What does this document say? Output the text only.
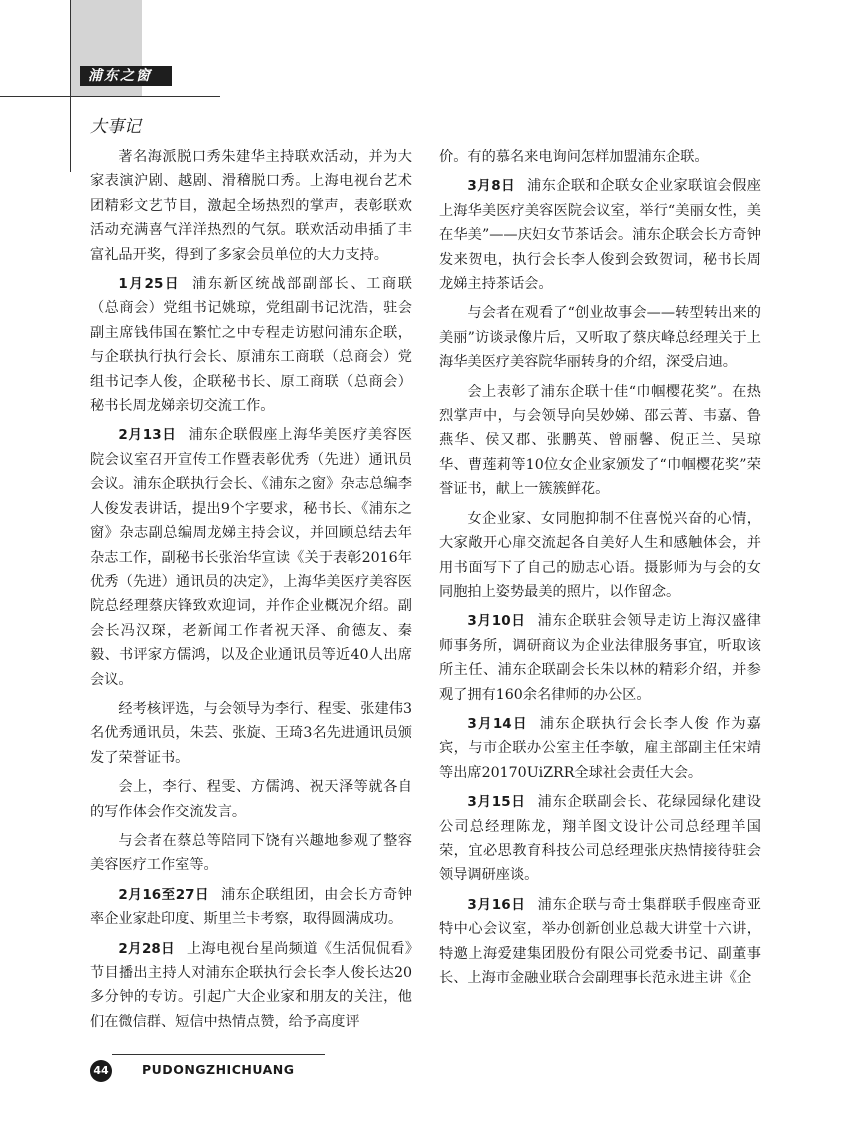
浦东之窗
大事记

著名海派脱口秀朱建华主持联欢活动，并为大家表演沪剧、越剧、滑稽脱口秀。上海电视台艺术团精彩文艺节目，激起全场热烈的掌声，表彰联欢活动充满喜气洋洋热烈的气氛。联欢活动串插了丰富礼品开奖，得到了多家会员单位的大力支持。

1月25日 浦东新区统战部副部长、工商联（总商会）党组书记姚琼，党组副书记沈浩，驻会副主席钱伟国在繁忙之中专程走访慰问浦东企联，与企联执行执行会长、原浦东工商联（总商会）党组书记李人俊，企联秘书长、原工商联（总商会）秘书长周龙娣亲切交流工作。

2月13日 浦东企联假座上海华美医疗美容医院会议室召开宣传工作暨表彰优秀（先进）通讯员会议。浦东企联执行会长、《浦东之窗》杂志总编李人俊发表讲话，提出9个字要求，秘书长、《浦东之窗》杂志副总编周龙娣主持会议，并回顾总结去年杂志工作，副秘书长张治华宣读《关于表彰2016年优秀（先进）通讯员的决定》，上海华美医疗美容医院总经理蔡庆锋致欢迎词，并作企业概况介绍。副会长冯汉琛，老新闻工作者祝天泽、俞德友、秦毅、书评家方儒鸿，以及企业通讯员等近40人出席会议。

经考核评选，与会领导为李行、程雯、张建伟3名优秀通讯员，朱芸、张旋、王琦3名先进通讯员颁发了荣誉证书。

会上，李行、程雯、方儒鸿、祝天泽等就各自的写作体会作交流发言。

与会者在蔡总等陪同下饶有兴趣地参观了整容美容医疗工作室等。

2月16至27日 浦东企联组团，由会长方奇钟率企业家赴印度、斯里兰卡考察，取得圆满成功。

2月28日 上海电视台星尚频道《生活侃侃看》节目播出主持人对浦东企联执行会长李人俊长达20多分钟的专访。引起广大企业家和朋友的关注，他们在微信群、短信中热情点赞，给予高度评

价。有的慕名来电询问怎样加盟浦东企联。

3月8日 浦东企联和企联女企业家联谊会假座上海华美医疗美容医院会议室，举行“美丽女性，美在华美”——庆妇女节茶话会。浦东企联会长方奇钟发来贺电，执行会长李人俊到会致贺词，秘书长周龙娣主持茶话会。

与会者在观看了“创业故事会——转型转出来的美丽”访谈录像片后，又听取了蔡庆峰总经理关于上海华美医疗美容院华丽转身的介绍，深受启迪。

会上表彰了浦东企联十佳“巾帼樱花奖”。在热烈掌声中，与会领导向吴妙娣、邵云菁、韦嘉、鲁燕华、侯又郡、张鹏英、曾丽馨、倪正兰、吴琼华、曹莲莉等10位女企业家颁发了“巾帼樱花奖”荣誉证书，献上一簇簇鲜花。

女企业家、女同胞抑制不住喜悦兴奋的心情，大家敞开心扉交流起各自美好人生和感触体会，并用书面写下了自己的励志心语。摄影师为与会的女同胞拍上姿势最美的照片，以作留念。

3月10日 浦东企联驻会领导走访上海汉盛律师事务所，调研商议为企业法律服务事宜，听取该所主任、浦东企联副会长朱以林的精彩介绍，并参观了拥有160余名律师的办公区。

3月14日 浦东企联执行会长李人俊 作为嘉宾，与市企联办公室主任李敏，雇主部副主任宋靖等出席20170UiZRR全球社会责任大会。

3月15日 浦东企联副会长、花绿园绿化建设公司总经理陈龙，翔羊图文设计公司总经理羊国荣，宜必思教育科技公司总经理张庆热情接待驻会领导调研座谈。

3月16日 浦东企联与奇士集群联手假座奇亚特中心会议室，举办创新创业总裁大讲堂十六讲，特邀上海爱建集团股份有限公司党委书记、副董事长、上海市金融业联合会副理事长范永进主讲《企

44	PUDONGZHICHUANG
